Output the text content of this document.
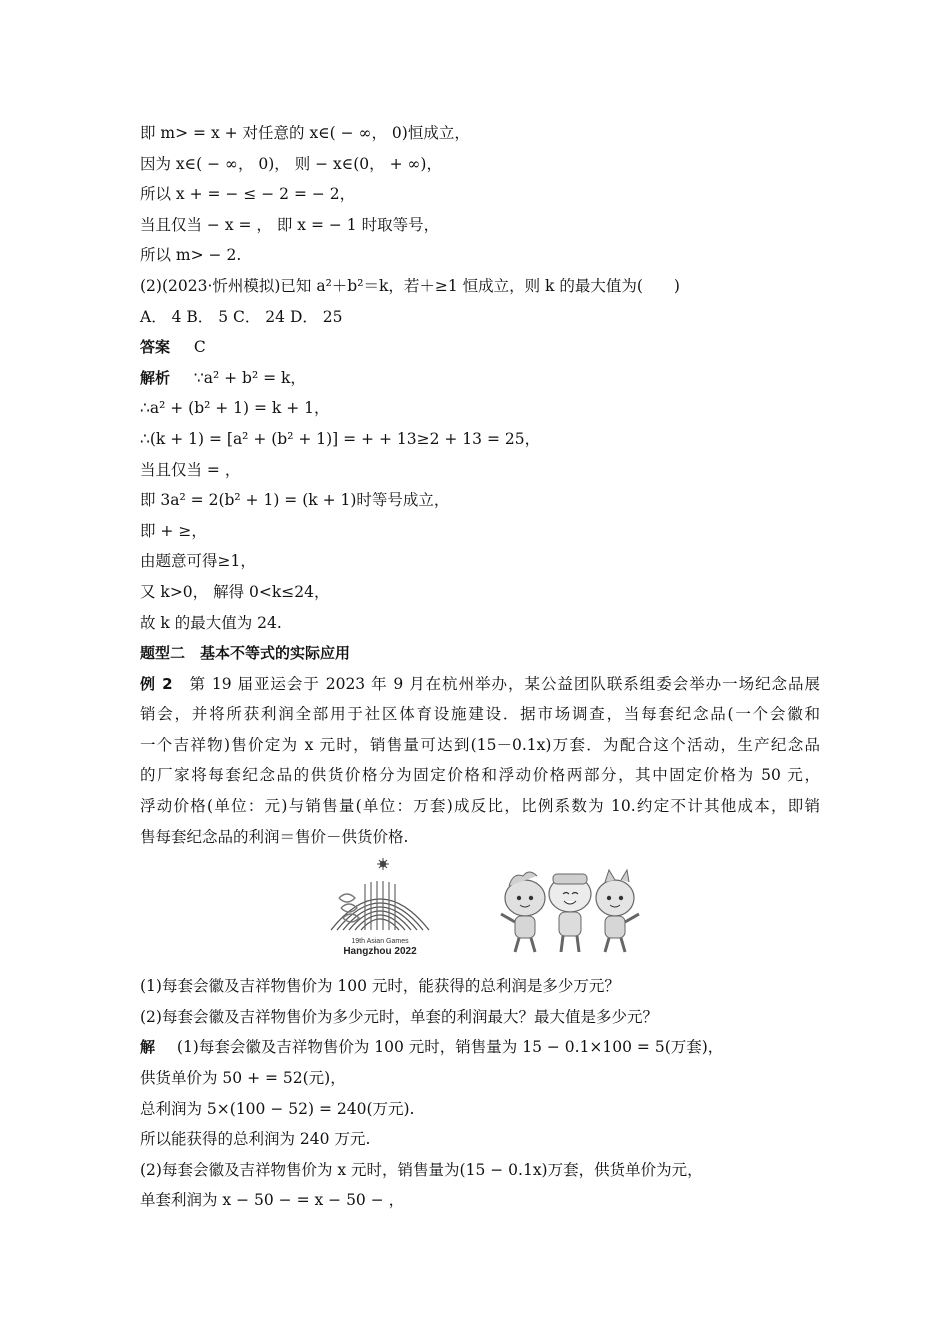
即 m> = x + 对任意的 x∈( − ∞， 0)恒成立，
因为 x∈( − ∞， 0)， 则 − x∈(0， + ∞)，
所以 x + = − ≤ − 2 = − 2，
当且仅当 − x = ， 即 x = − 1 时取等号，
所以 m> − 2.
(2)(2023·忻州模拟)已知 a²＋b²＝k，若＋≥1 恒成立，则 k 的最大值为(　　)
A． 4 B． 5 C． 24 D． 25
答案 C
解析 ∵a² + b² = k，
∴a² + (b² + 1) = k + 1，
∴(k + 1) = [a² + (b² + 1)] = + + 13≥2 + 13 = 25，
当且仅当 = ，
即 3a² = 2(b² + 1) = (k + 1)时等号成立，
即 + ≥，
由题意可得≥1，
又 k>0， 解得 0<k≤24，
故 k 的最大值为 24.
题型二　基本不等式的实际应用
例 2 第 19 届亚运会于 2023 年 9 月在杭州举办，某公益团队联系组委会举办一场纪念品展
销会，并将所获利润全部用于社区体育设施建设．据市场调查，当每套纪念品(一个会徽和
一个吉祥物)售价定为 x 元时，销售量可达到(15－0.1x)万套．为配合这个活动，生产纪念品
的厂家将每套纪念品的供货价格分为固定价格和浮动价格两部分，其中固定价格为 50 元，
浮动价格(单位：元)与销售量(单位：万套)成反比，比例系数为 10.约定不计其他成本，即销
售每套纪念品的利润＝售价－供货价格.
19th Asian Games
Hangzhou 2022
(1)每套会徽及吉祥物售价为 100 元时，能获得的总利润是多少万元？
(2)每套会徽及吉祥物售价为多少元时，单套的利润最大？最大值是多少元？
解 (1)每套会徽及吉祥物售价为 100 元时，销售量为 15 − 0.1×100 = 5(万套)，
供货单价为 50 + = 52(元)，
总利润为 5×(100 − 52) = 240(万元).
所以能获得的总利润为 240 万元.
(2)每套会徽及吉祥物售价为 x 元时，销售量为(15 − 0.1x)万套，供货单价为元，
单套利润为 x − 50 − = x − 50 − ，
